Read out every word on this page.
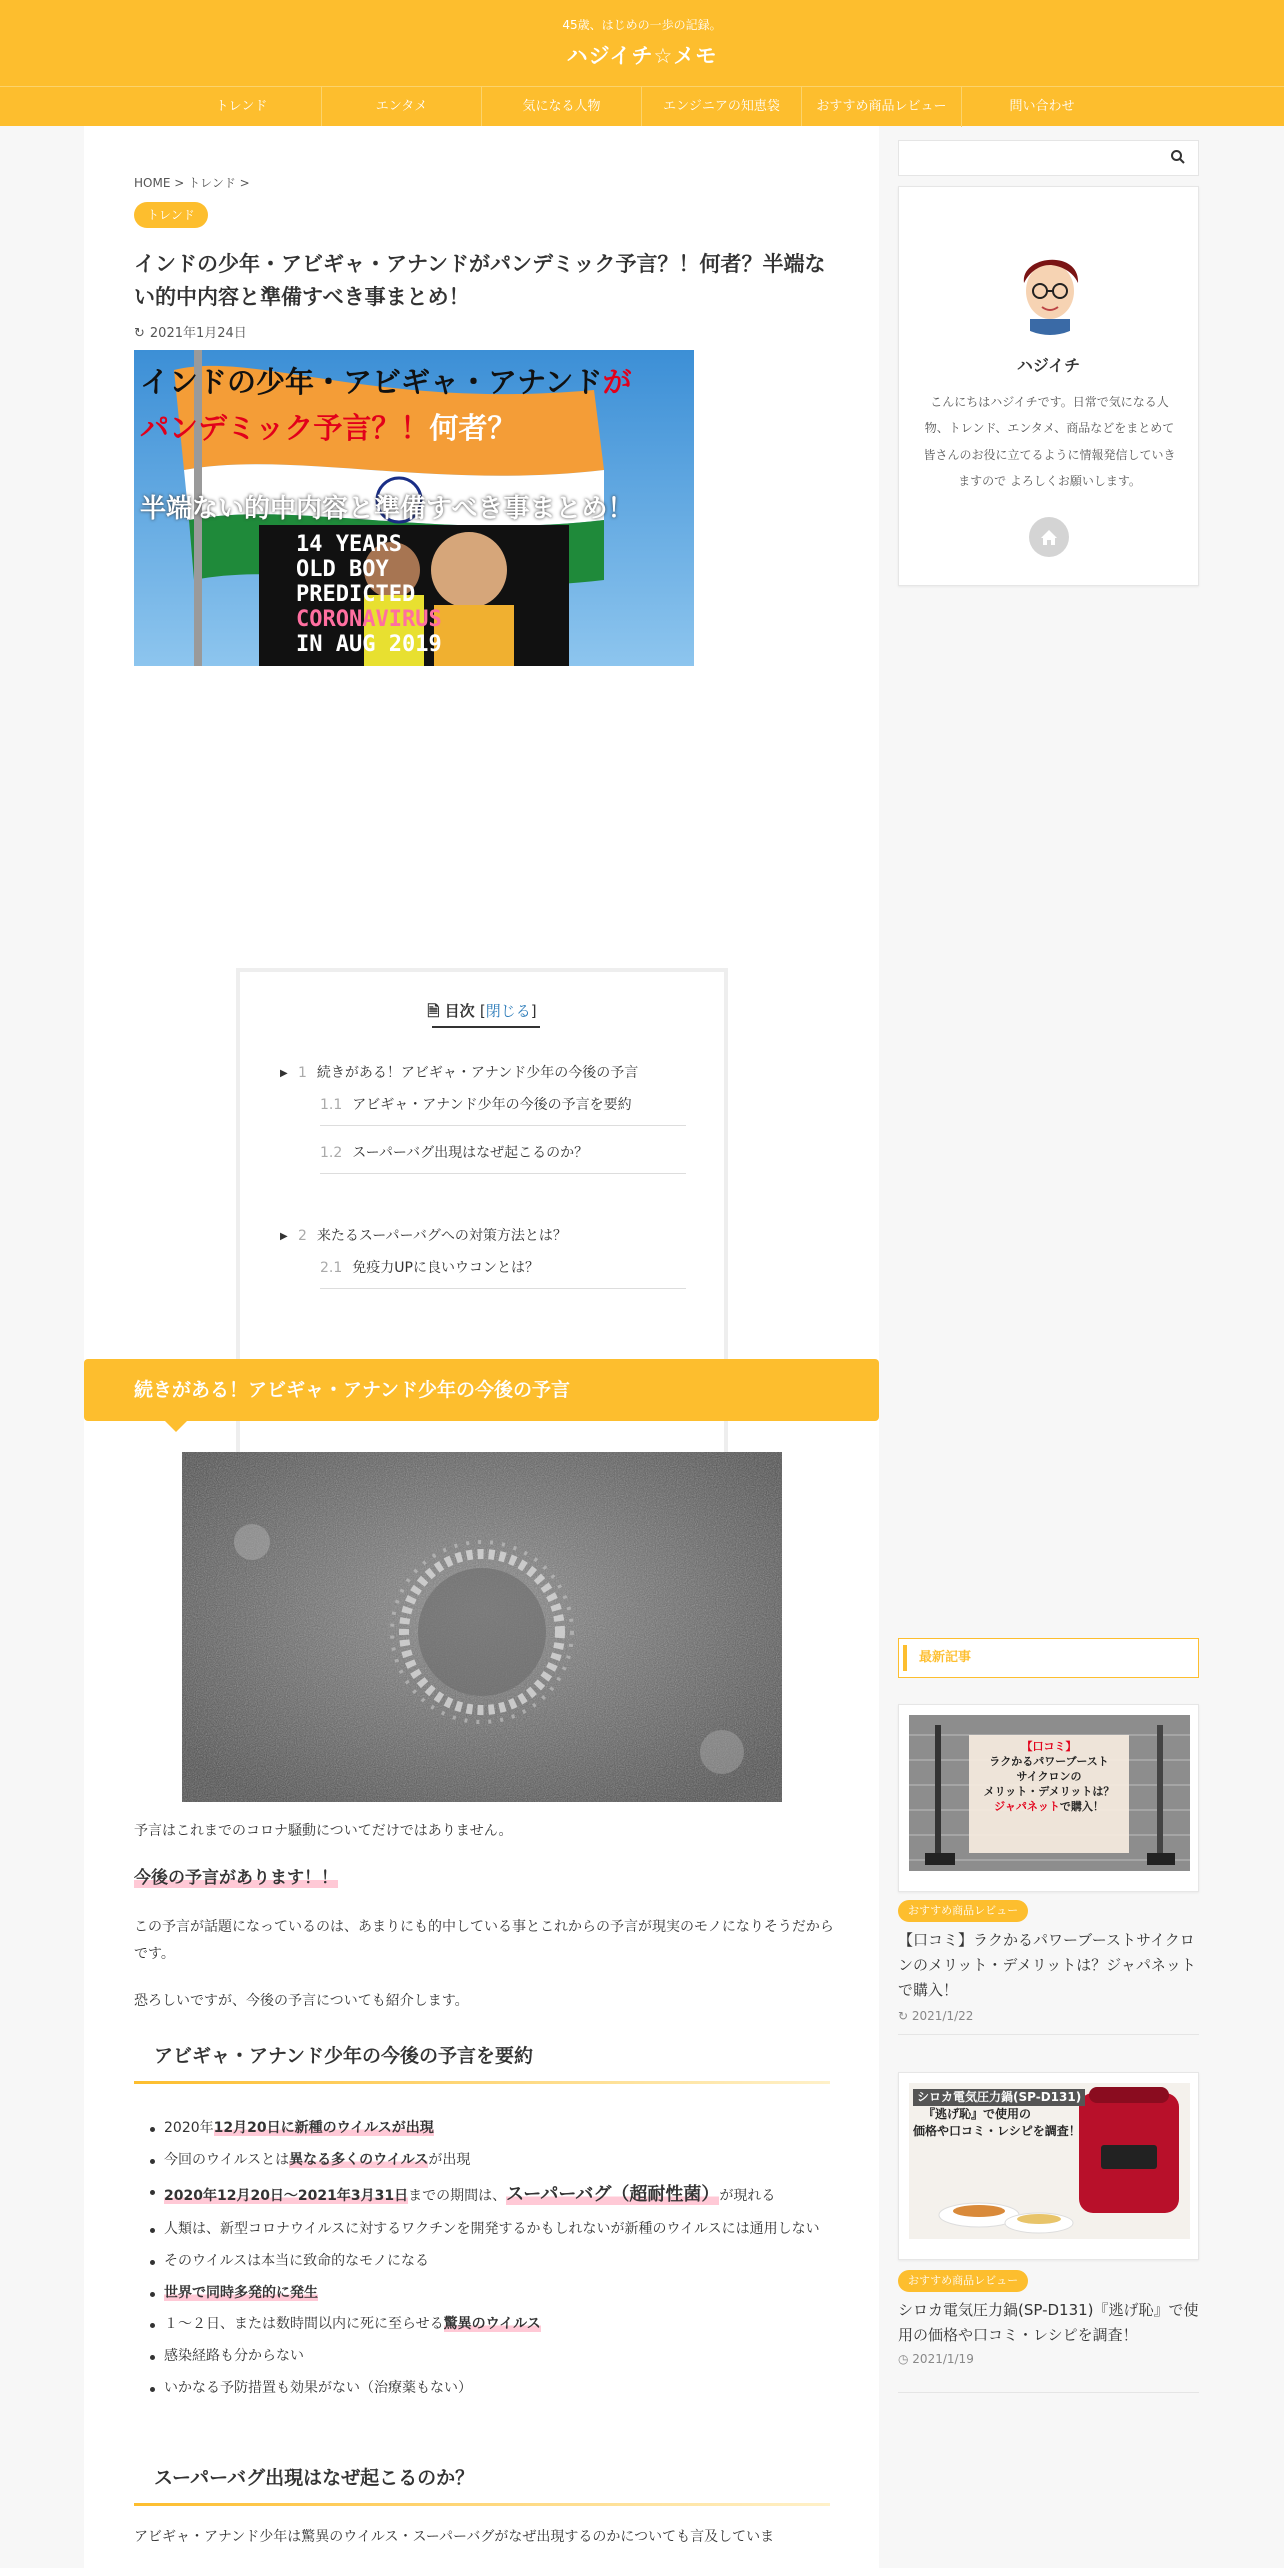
45歳、はじめの一歩の記録。
ハジイチ☆メモ
トレンド	エンタメ	気になる人物	エンジニアの知恵袋	おすすめ商品レビュー	問い合わせ
HOME > トレンド >
トレンド
インドの少年・アビギャ・アナンドがパンデミック予言？！何者？半端ない的中内容と準備すべき事まとめ！
↻ 2021年1月24日
インドの少年・アビギャ・アナンドが
パンデミック予言？！何者？
半端ない的中内容と準備すべき事まとめ！
14 YEARS
OLD BOY
PREDICTED
CORONAVIRUS
IN AUG 2019
🗎 目次 [閉じる]
▶ 1 続きがある！アビギャ・アナンド少年の今後の予言
1.1 アビギャ・アナンド少年の今後の予言を要約
1.2 スーパーバグ出現はなぜ起こるのか？
▶ 2 来たるスーパーバグへの対策方法とは？
2.1 免疫力UPに良いウコンとは？
続きがある！アビギャ・アナンド少年の今後の予言
予言はこれまでのコロナ騒動についてだけではありません。
今後の予言があります！！
この予言が話題になっているのは、あまりにも的中している事とこれからの予言が現実のモノになりそうだからです。
恐ろしいですが、今後の予言についても紹介します。
アビギャ・アナンド少年の今後の予言を要約
2020年12月20日に新種のウイルスが出現
今回のウイルスとは異なる多くのウイルスが出現
2020年12月20日〜2021年3月31日までの期間は、スーパーバグ（超耐性菌）が現れる
人類は、新型コロナウイルスに対するワクチンを開発するかもしれないが新種のウイルスには通用しない
そのウイルスは本当に致命的なモノになる
世界で同時多発的に発生
１〜２日、または数時間以内に死に至らせる驚異のウイルス
感染経路も分からない
いかなる予防措置も効果がない（治療薬もない）
スーパーバグ出現はなぜ起こるのか？
アビギャ・アナンド少年は驚異のウイルス・スーパーバグがなぜ出現するのかについても言及していま
ハジイチ
こんにちはハジイチです。日常で気になる人物、トレンド、エンタメ、商品などをまとめて 皆さんのお役に立てるように情報発信していきますので よろしくお願いします。
最新記事
【口コミ】
ラクかるパワーブースト
サイクロンの
メリット・デメリットは？
ジャパネットで購入！
おすすめ商品レビュー
【口コミ】ラクかるパワーブーストサイクロンのメリット・デメリットは？ジャパネットで購入！
↻ 2021/1/22
シロカ電気圧力鍋(SP-D131)
『逃げ恥』で使用の
価格や口コミ・レシピを調査！
おすすめ商品レビュー
シロカ電気圧力鍋(SP-D131)『逃げ恥』で使用の価格や口コミ・レシピを調査！
◷ 2021/1/19
